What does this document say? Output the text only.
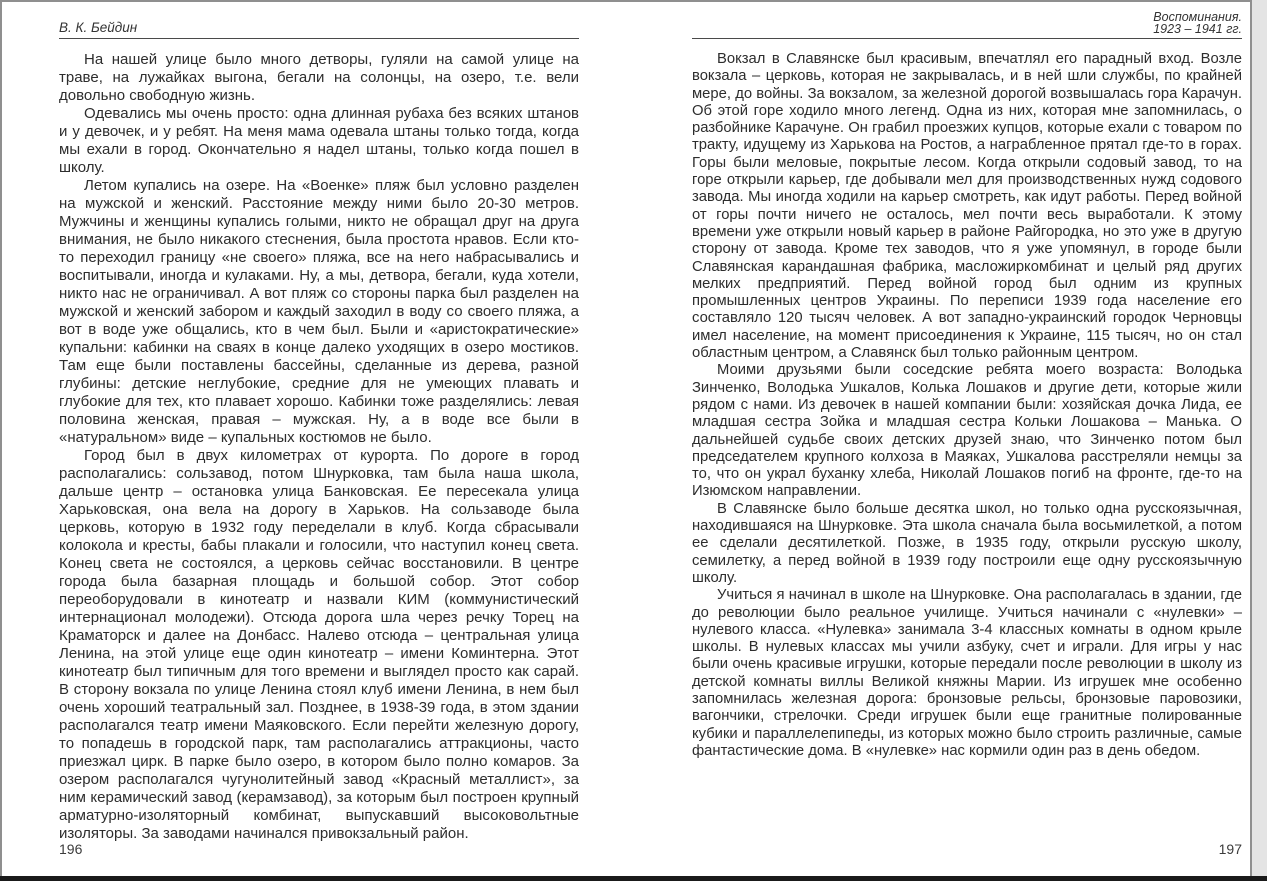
В. К. Бейдин

На нашей улице было много детворы, гуляли на самой улице на траве, на лужайках выгона, бегали на солонцы, на озеро, т.е. вели довольно свободную жизнь.

Одевались мы очень просто: одна длинная рубаха без всяких штанов и у девочек, и у ребят. На меня мама одевала штаны только тогда, когда мы ехали в город. Окончательно я надел штаны, только когда пошел в школу.

Летом купались на озере. На «Военке» пляж был условно разделен на мужской и женский. Расстояние между ними было 20-30 метров. Мужчины и женщины купались голыми, никто не обращал друг на друга внимания, не было никакого стеснения, была простота нравов. Если кто-то переходил границу «не своего» пляжа, все на него набрасывались и воспитывали, иногда и кулаками. Ну, а мы, детвора, бегали, куда хотели, никто нас не ограничивал. А вот пляж со стороны парка был разделен на мужской и женский забором и каждый заходил в воду со своего пляжа, а вот в воде уже общались, кто в чем был. Были и «аристократические» купальни: кабинки на сваях в конце далеко уходящих в озеро мостиков. Там еще были поставлены бассейны, сделанные из дерева, разной глубины: детские неглубокие, средние для не умеющих плавать и глубокие для тех, кто плавает хорошо. Кабинки тоже разделялись: левая половина женская, правая – мужская. Ну, а в воде все были в «натуральном» виде – купальных костюмов не было.

Город был в двух километрах от курорта. По дороге в город располагались: сользавод, потом Шнурковка, там была наша школа, дальше центр – остановка улица Банковская. Ее пересекала улица Харьковская, она вела на дорогу в Харьков. На сользаводе была церковь, которую в 1932 году переделали в клуб. Когда сбрасывали колокола и кресты, бабы плакали и голосили, что наступил конец света. Конец света не состоялся, а церковь сейчас восстановили. В центре города была базарная площадь и большой собор. Этот собор переоборудовали в кинотеатр и назвали КИМ (коммунистический интернационал молодежи). Отсюда дорога шла через речку Торец на Краматорск и далее на Донбасс. Налево отсюда – центральная улица Ленина, на этой улице еще один кинотеатр – имени Коминтерна. Этот кинотеатр был типичным для того времени и выглядел просто как сарай. В сторону вокзала по улице Ленина стоял клуб имени Ленина, в нем был очень хороший театральный зал. Позднее, в 1938-39 года, в этом здании располагался театр имени Маяковского. Если перейти железную дорогу, то попадешь в городской парк, там располагались аттракционы, часто приезжал цирк. В парке было озеро, в котором было полно комаров. За озером располагался чугунолитейный завод «Красный металлист», за ним керамический завод (керамзавод), за которым был построен крупный арматурно-изоляторный комбинат, выпускавший высоковольтные изоляторы. За заводами начинался привокзальный район.

196
Воспоминания.
1923 – 1941 гг.

Вокзал в Славянске был красивым, впечатлял его парадный вход. Возле вокзала – церковь, которая не закрывалась, и в ней шли службы, по крайней мере, до войны. За вокзалом, за железной дорогой возвышалась гора Карачун. Об этой горе ходило много легенд. Одна из них, которая мне запомнилась, о разбойнике Карачуне. Он грабил проезжих купцов, которые ехали с товаром по тракту, идущему из Харькова на Ростов, а награбленное прятал где-то в горах. Горы были меловые, покрытые лесом. Когда открыли содовый завод, то на горе открыли карьер, где добывали мел для производственных нужд содового завода. Мы иногда ходили на карьер смотреть, как идут работы. Перед войной от горы почти ничего не осталось, мел почти весь выработали. К этому времени уже открыли новый карьер в районе Райгородка, но это уже в другую сторону от завода. Кроме тех заводов, что я уже упомянул, в городе были Славянская карандашная фабрика, масложиркомбинат и целый ряд других мелких предприятий. Перед войной город был одним из крупных промышленных центров Украины. По переписи 1939 года население его составляло 120 тысяч человек. А вот западно-украинский городок Черновцы имел население, на момент присоединения к Украине, 115 тысяч, но он стал областным центром, а Славянск был только районным центром.

Моими друзьями были соседские ребята моего возраста: Володька Зинченко, Володька Ушкалов, Колька Лошаков и другие дети, которые жили рядом с нами. Из девочек в нашей компании были: хозяйская дочка Лида, ее младшая сестра Зойка и младшая сестра Кольки Лошакова – Манька. О дальнейшей судьбе своих детских друзей знаю, что Зинченко потом был председателем крупного колхоза в Маяках, Ушкалова расстреляли немцы за то, что он украл буханку хлеба, Николай Лошаков погиб на фронте, где-то на Изюмском направлении.

В Славянске было больше десятка школ, но только одна русскоязычная, находившаяся на Шнурковке. Эта школа сначала была восьмилеткой, а потом ее сделали десятилеткой. Позже, в 1935 году, открыли русскую школу, семилетку, а перед войной в 1939 году построили еще одну русскоязычную школу.

Учиться я начинал в школе на Шнурковке. Она располагалась в здании, где до революции было реальное училище. Учиться начинали с «нулевки» – нулевого класса. «Нулевка» занимала 3-4 классных комнаты в одном крыле школы. В нулевых классах мы учили азбуку, счет и играли. Для игры у нас были очень красивые игрушки, которые передали после революции в школу из детской комнаты виллы Великой княжны Марии. Из игрушек мне особенно запомнилась железная дорога: бронзовые рельсы, бронзовые паровозики, вагончики, стрелочки. Среди игрушек были еще гранитные полированные кубики и параллелепипеды, из которых можно было строить различные, самые фантастические дома. В «нулевке» нас кормили один раз в день обедом.

197
